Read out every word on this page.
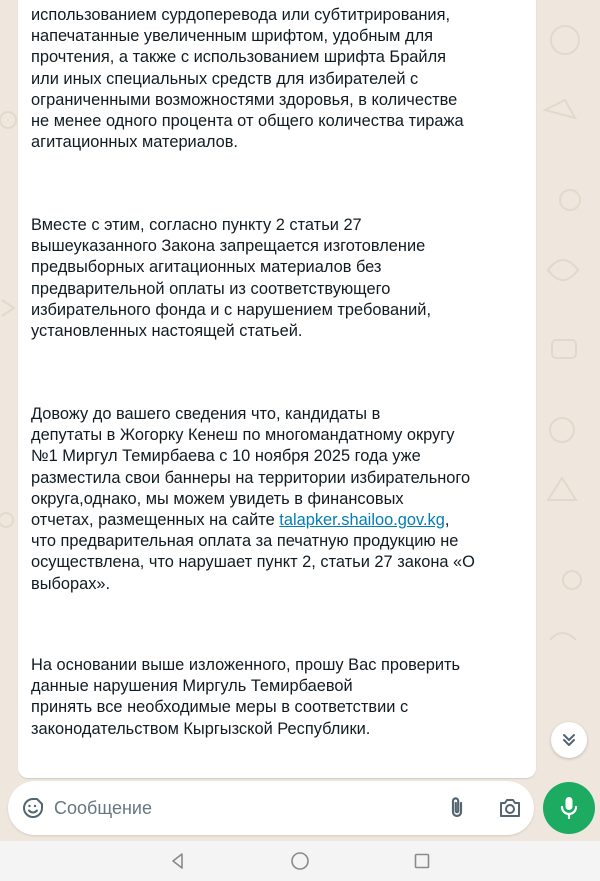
использованием сурдоперевода или субтитрирования,
напечатанные увеличенным шрифтом, удобным для
прочтения, а также с использованием шрифта Брайля
или иных специальных средств для избирателей с
ограниченными возможностями здоровья, в количестве
не менее одного процента от общего количества тиража
агитационных материалов.
Вместе с этим, согласно пункту 2 статьи 27
вышеуказанного Закона запрещается изготовление
предвыборных агитационных материалов без
предварительной оплаты из соответствующего
избирательного фонда и с нарушением требований,
установленных настоящей статьей.
Довожу до вашего сведения что, кандидаты в
депутаты в Жогорку Кенеш по многомандатному округу
№1 Миргул Темирбаева с 10 ноября 2025 года уже
разместила свои баннеры на территории избирательного
округа,однако, мы можем увидеть в финансовых
отчетах, размещенных на сайте talapker.shailoo.gov.kg,
что предварительная оплата за печатную продукцию не
осуществлена, что нарушает пункт 2, статьи 27 закона «О
выборах».
На основании выше изложенного, прошу Вас проверить
данные нарушения Миргуль Темирбаевой
принять все необходимые меры в соответствии с
законодательством Кыргызской Республики.
Сообщение
